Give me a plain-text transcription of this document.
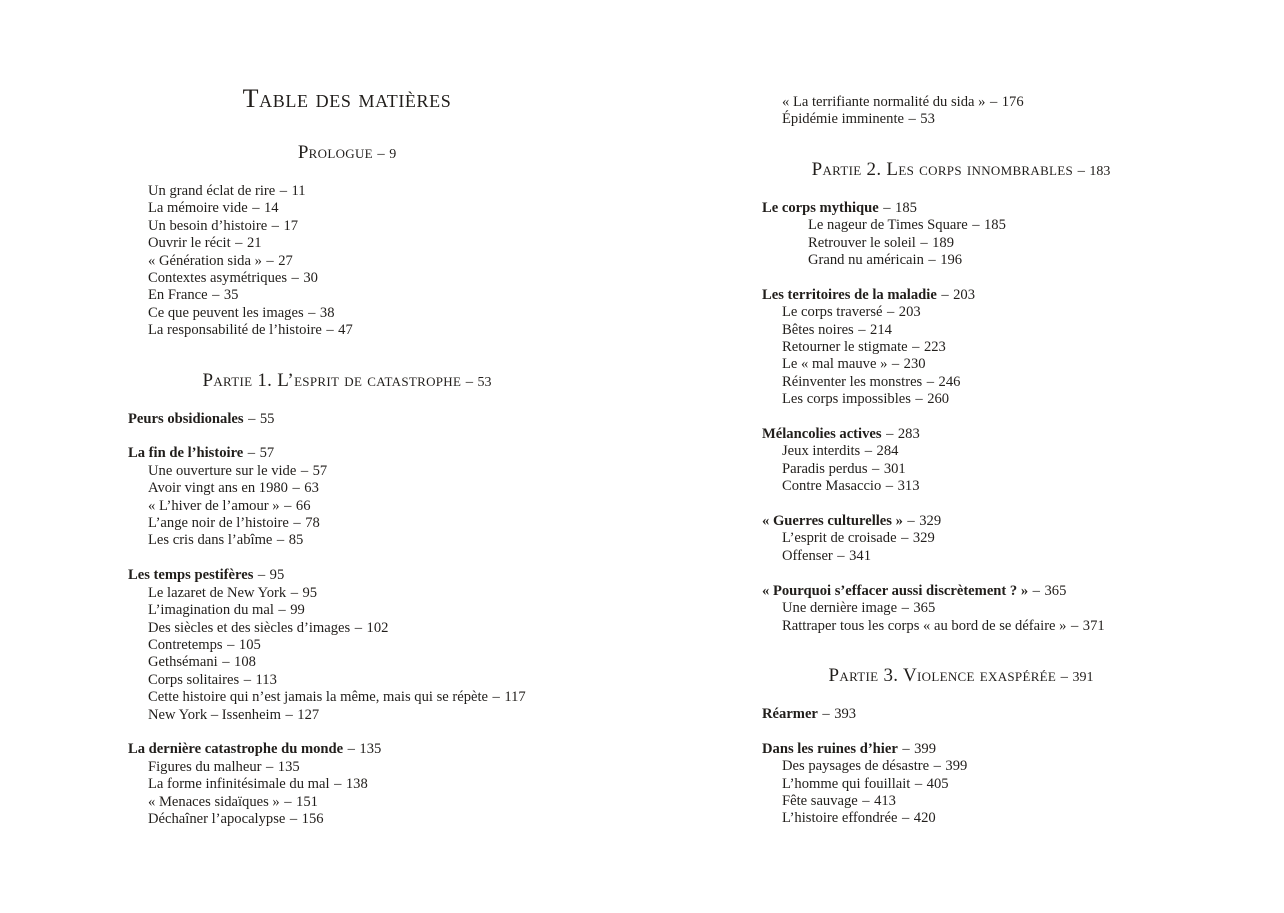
Table des matières
Prologue – 9
Un grand éclat de rire – 11
La mémoire vide – 14
Un besoin d’histoire – 17
Ouvrir le récit – 21
« Génération sida » – 27
Contextes asymétriques – 30
En France – 35
Ce que peuvent les images – 38
La responsabilité de l’histoire – 47
Partie 1. L’esprit de catastrophe – 53
Peurs obsidionales – 55
La fin de l’histoire – 57
Une ouverture sur le vide – 57
Avoir vingt ans en 1980 – 63
« L’hiver de l’amour » – 66
L’ange noir de l’histoire – 78
Les cris dans l’abîme – 85
Les temps pestifères – 95
Le lazaret de New York – 95
L’imagination du mal – 99
Des siècles et des siècles d’images – 102
Contretemps – 105
Gethsémani – 108
Corps solitaires – 113
Cette histoire qui n’est jamais la même, mais qui se répète – 117
New York – Issenheim – 127
La dernière catastrophe du monde – 135
Figures du malheur – 135
La forme infinitésimale du mal – 138
« Menaces sidaïques » – 151
Déchaîner l’apocalypse – 156
« La terrifiante normalité du sida » – 176
Épidémie imminente – 53
Partie 2. Les corps innombrables – 183
Le corps mythique – 185
Le nageur de Times Square – 185
Retrouver le soleil – 189
Grand nu américain – 196
Les territoires de la maladie – 203
Le corps traversé – 203
Bêtes noires – 214
Retourner le stigmate – 223
Le « mal mauve » – 230
Réinventer les monstres – 246
Les corps impossibles – 260
Mélancolies actives – 283
Jeux interdits – 284
Paradis perdus – 301
Contre Masaccio – 313
« Guerres culturelles » – 329
L’esprit de croisade – 329
Offenser – 341
« Pourquoi s’effacer aussi discrètement ? » – 365
Une dernière image – 365
Rattraper tous les corps « au bord de se défaire » – 371
Partie 3. Violence exaspérée – 391
Réarmer – 393
Dans les ruines d’hier – 399
Des paysages de désastre – 399
L’homme qui fouillait – 405
Fête sauvage – 413
L’histoire effondrée – 420
